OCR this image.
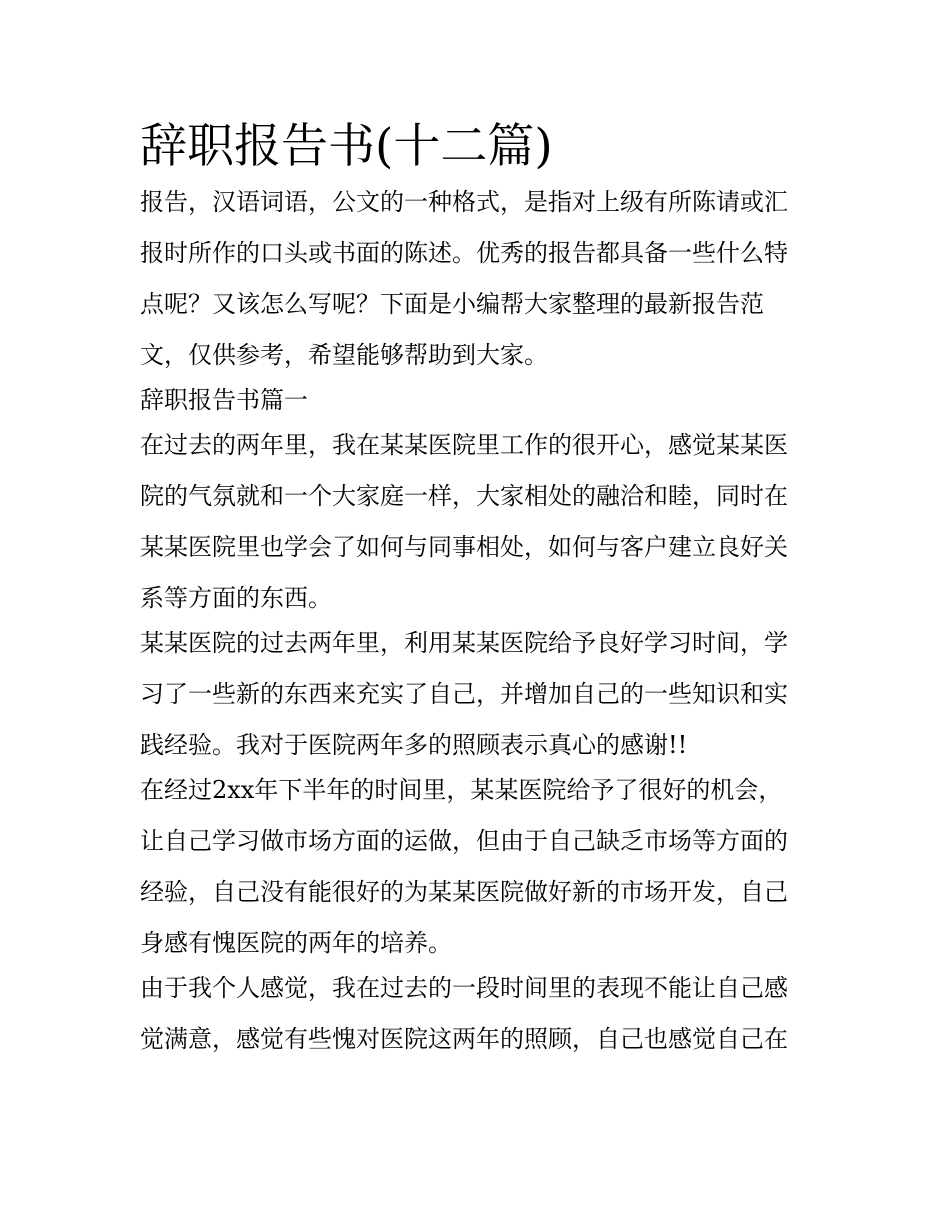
辞职报告书(十二篇)
报告，汉语词语，公文的一种格式，是指对上级有所陈请或汇
报时所作的口头或书面的陈述。优秀的报告都具备一些什么特
点呢？又该怎么写呢？下面是小编帮大家整理的最新报告范
文，仅供参考，希望能够帮助到大家。
辞职报告书篇一
在过去的两年里，我在某某医院里工作的很开心，感觉某某医
院的气氛就和一个大家庭一样，大家相处的融洽和睦，同时在
某某医院里也学会了如何与同事相处，如何与客户建立良好关
系等方面的东西。
某某医院的过去两年里，利用某某医院给予良好学习时间，学
习了一些新的东西来充实了自己，并增加自己的一些知识和实
践经验。我对于医院两年多的照顾表示真心的感谢!!
在经过2xx年下半年的时间里，某某医院给予了很好的机会，
让自己学习做市场方面的运做，但由于自己缺乏市场等方面的
经验，自己没有能很好的为某某医院做好新的市场开发，自己
身感有愧医院的两年的培养。
由于我个人感觉，我在过去的一段时间里的表现不能让自己感
觉满意，感觉有些愧对医院这两年的照顾，自己也感觉自己在
